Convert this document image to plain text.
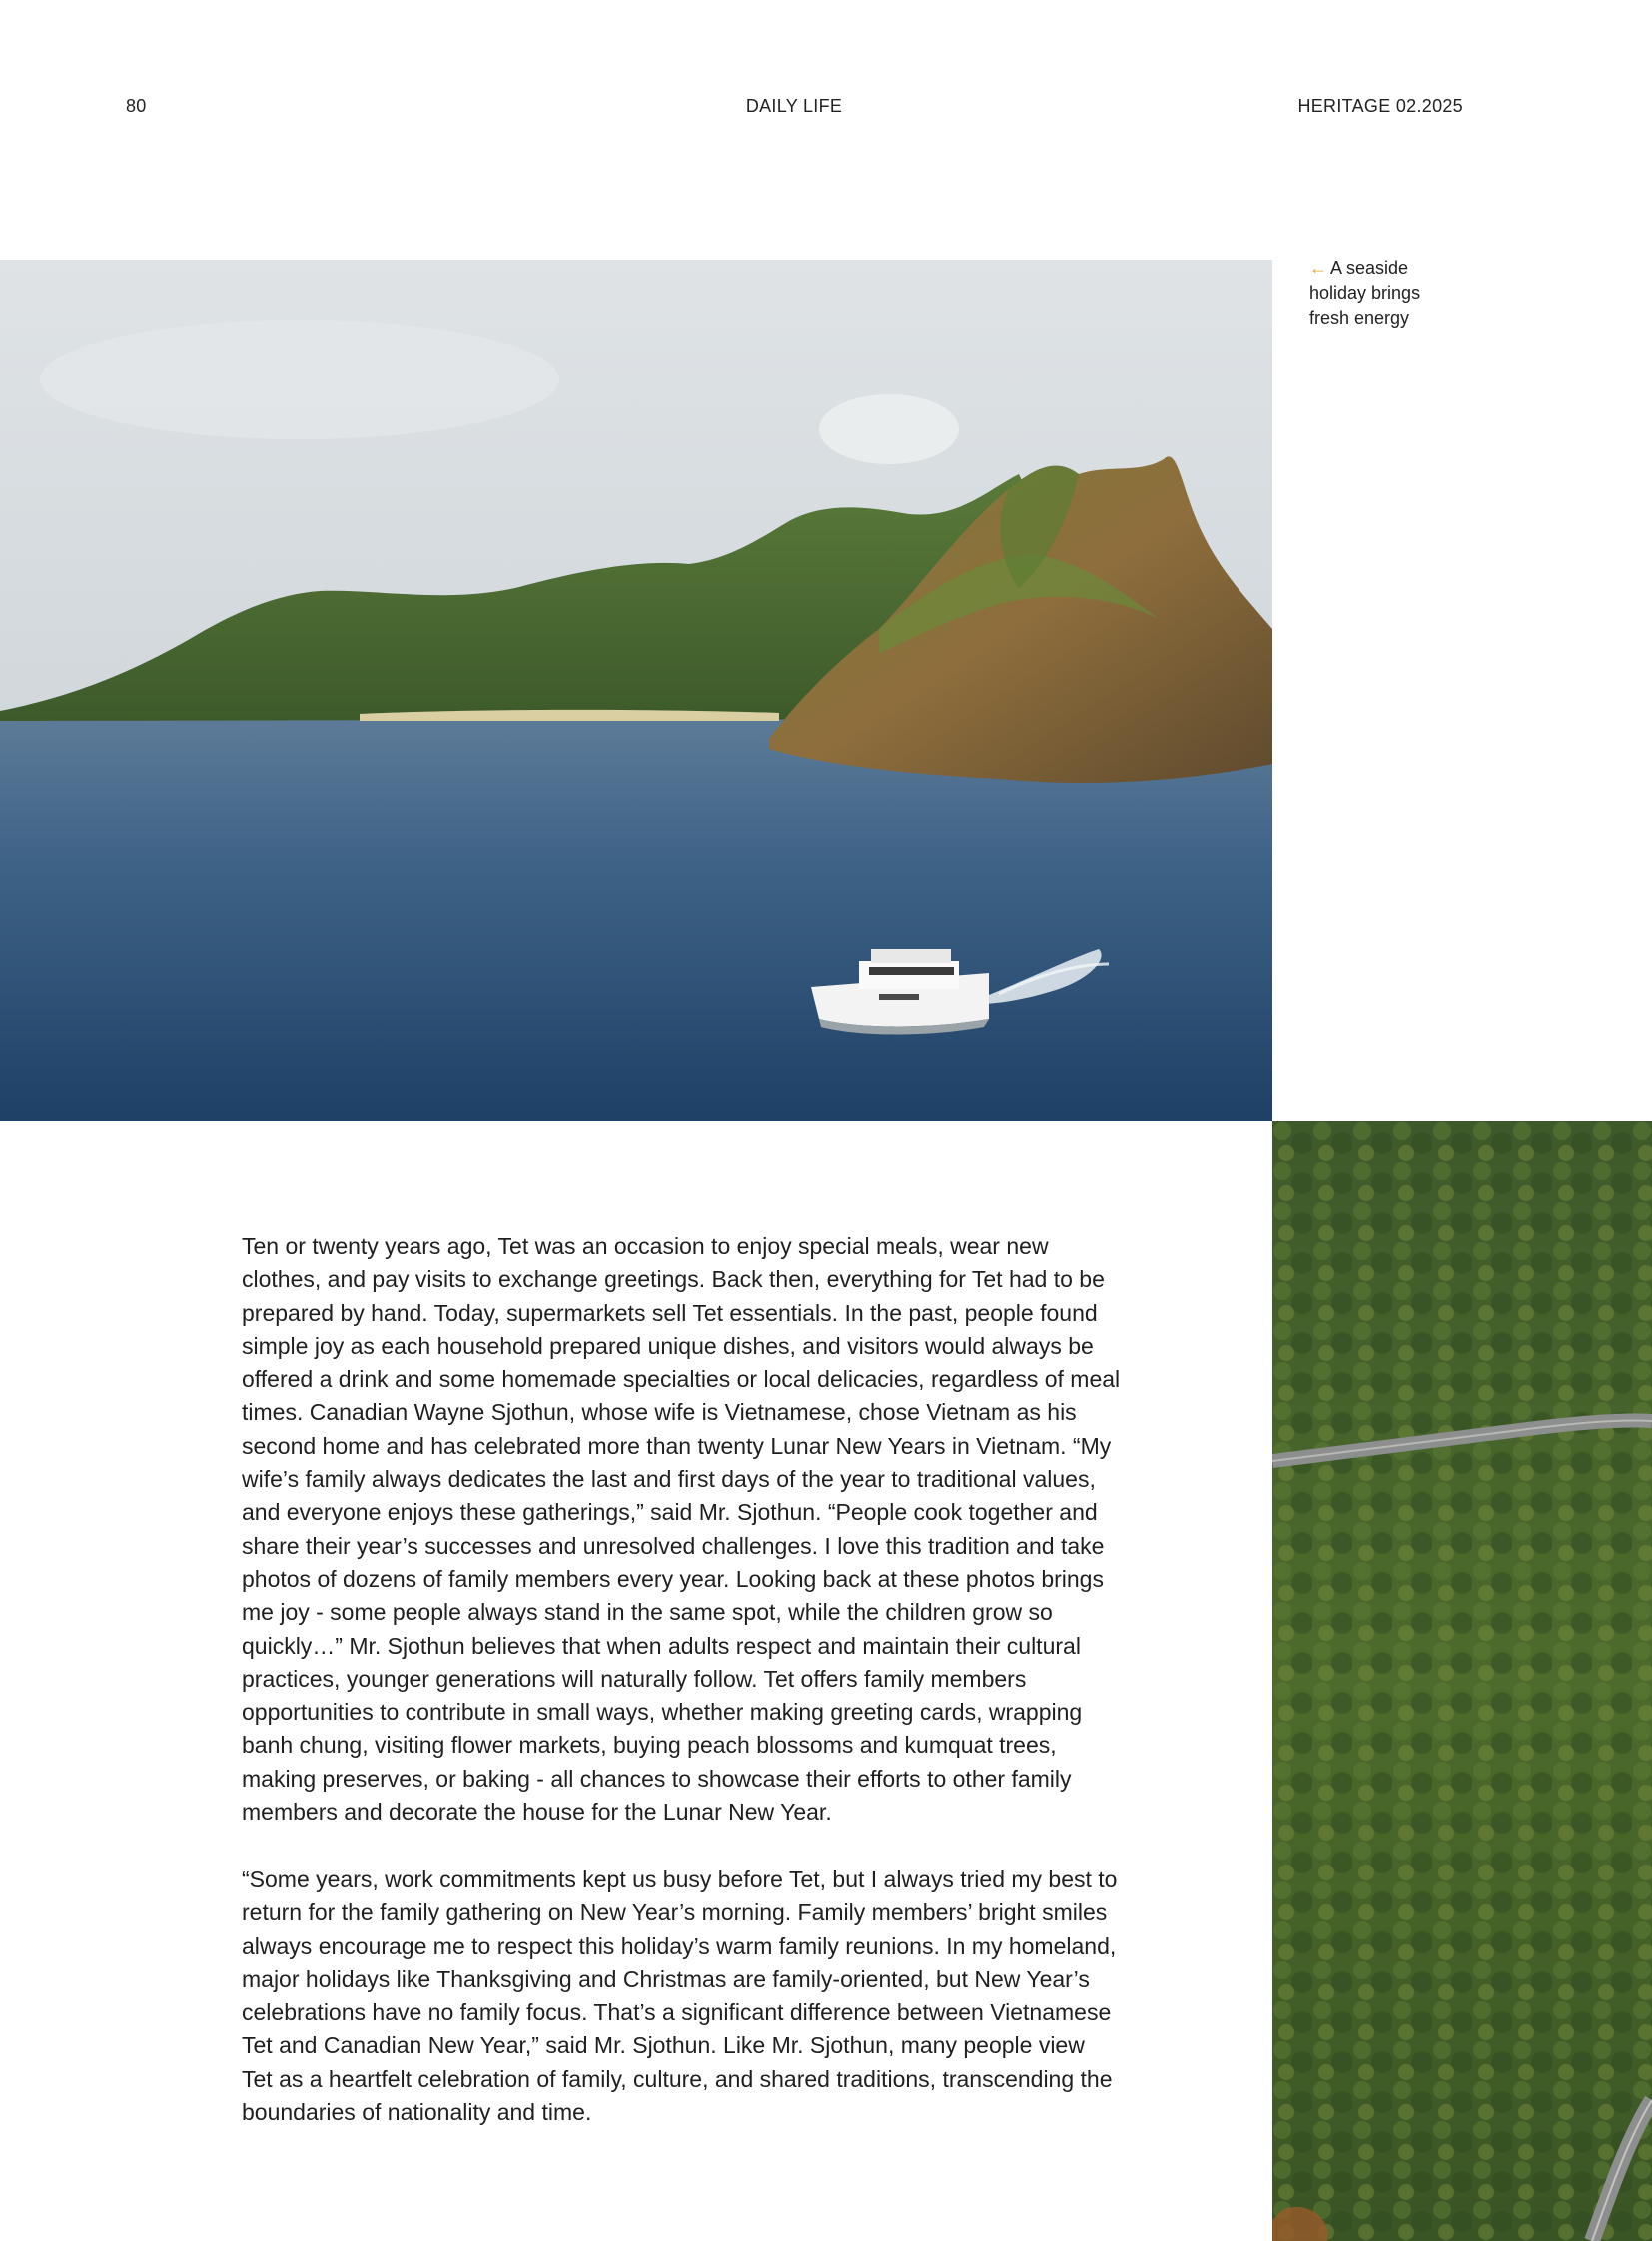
80	DAILY LIFE	HERITAGE 02.2025
← A seaside holiday brings fresh energy

Ten or twenty years ago, Tet was an occasion to enjoy special meals, wear new clothes, and pay visits to exchange greetings. Back then, everything for Tet had to be prepared by hand. Today, supermarkets sell Tet essentials. In the past, people found simple joy as each household prepared unique dishes, and visitors would always be offered a drink and some homemade specialties or local delicacies, regardless of meal times. Canadian Wayne Sjothun, whose wife is Vietnamese, chose Vietnam as his second home and has celebrated more than twenty Lunar New Years in Vietnam. “My wife’s family always dedicates the last and first days of the year to traditional values, and everyone enjoys these gatherings,” said Mr. Sjothun. “People cook together and share their year’s successes and unresolved challenges. I love this tradition and take photos of dozens of family members every year. Looking back at these photos brings me joy - some people always stand in the same spot, while the children grow so quickly…” Mr. Sjothun believes that when adults respect and maintain their cultural practices, younger generations will naturally follow. Tet offers family members opportunities to contribute in small ways, whether making greeting cards, wrapping banh chung, visiting flower markets, buying peach blossoms and kumquat trees, making preserves, or baking - all chances to showcase their efforts to other family members and decorate the house for the Lunar New Year.

“Some years, work commitments kept us busy before Tet, but I always tried my best to return for the family gathering on New Year’s morning. Family members’ bright smiles always encourage me to respect this holiday’s warm family reunions. In my homeland, major holidays like Thanksgiving and Christmas are family-oriented, but New Year’s celebrations have no family focus. That’s a significant difference between Vietnamese Tet and Canadian New Year,” said Mr. Sjothun. Like Mr. Sjothun, many people view Tet as a heartfelt celebration of family, culture, and shared traditions, transcending the boundaries of nationality and time.
